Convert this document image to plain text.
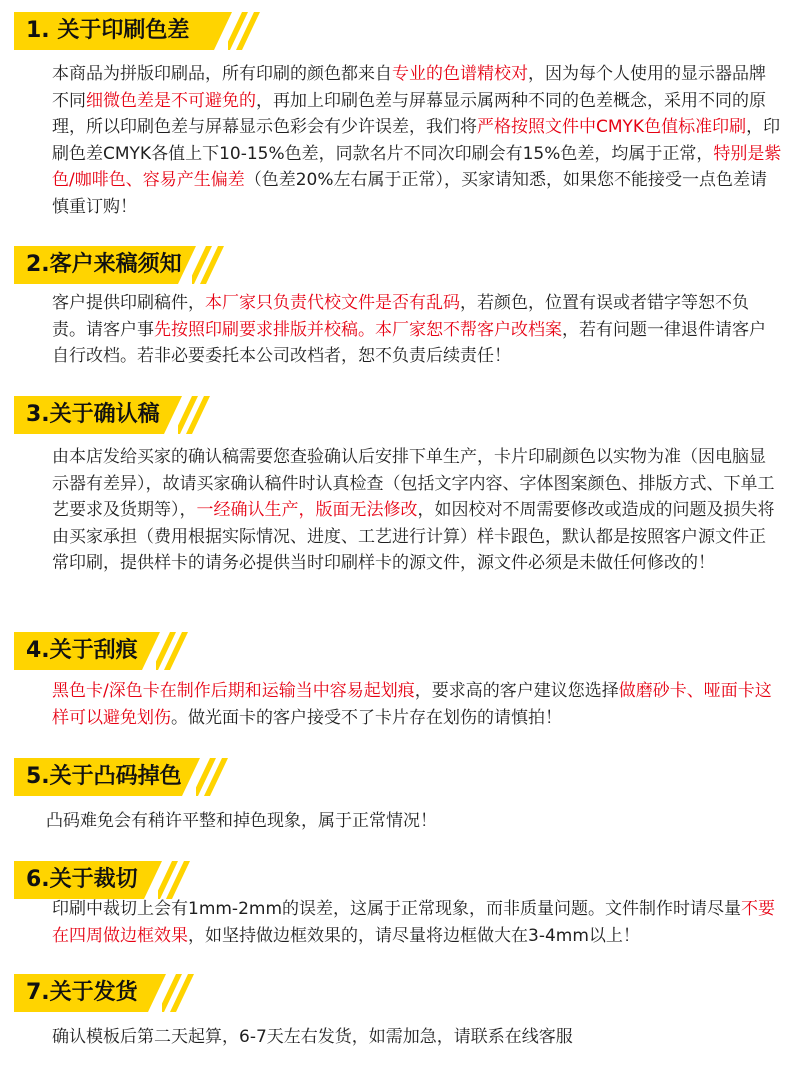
1. 关于印刷色差
本商品为拼版印刷品，所有印刷的颜色都来自专业的色谱精校对，因为每个人使用的显示器品牌不同细微色差是不可避免的，再加上印刷色差与屏幕显示属两种不同的色差概念，采用不同的原理，所以印刷色差与屏幕显示色彩会有少许误差，我们将严格按照文件中CMYK色值标准印刷，印刷色差CMYK各值上下10-15%色差，同款名片不同次印刷会有15%色差，均属于正常，特别是紫色/咖啡色、容易产生偏差（色差20%左右属于正常），买家请知悉，如果您不能接受一点色差请慎重订购！
2.客户来稿须知
客户提供印刷稿件，本厂家只负责代校文件是否有乱码，若颜色，位置有误或者错字等恕不负责。请客户事先按照印刷要求排版并校稿。本厂家恕不帮客户改档案，若有问题一律退件请客户自行改档。若非必要委托本公司改档者，恕不负责后续责任！
3.关于确认稿
由本店发给买家的确认稿需要您查验确认后安排下单生产，卡片印刷颜色以实物为准（因电脑显示器有差异），故请买家确认稿件时认真检查（包括文字内容、字体图案颜色、排版方式、下单工艺要求及货期等），一经确认生产，版面无法修改，如因校对不周需要修改或造成的问题及损失将由买家承担（费用根据实际情况、进度、工艺进行计算）样卡跟色，默认都是按照客户源文件正常印刷，提供样卡的请务必提供当时印刷样卡的源文件，源文件必须是未做任何修改的！
4.关于刮痕
黑色卡/深色卡在制作后期和运输当中容易起划痕，要求高的客户建议您选择做磨砂卡、哑面卡这样可以避免划伤。做光面卡的客户接受不了卡片存在划伤的请慎拍！
5.关于凸码掉色
凸码难免会有稍许平整和掉色现象，属于正常情况！
6.关于裁切
印刷中裁切上会有1mm-2mm的误差，这属于正常现象，而非质量问题。文件制作时请尽量不要在四周做边框效果，如坚持做边框效果的，请尽量将边框做大在3-4mm以上！
7.关于发货
确认模板后第二天起算，6-7天左右发货，如需加急，请联系在线客服
